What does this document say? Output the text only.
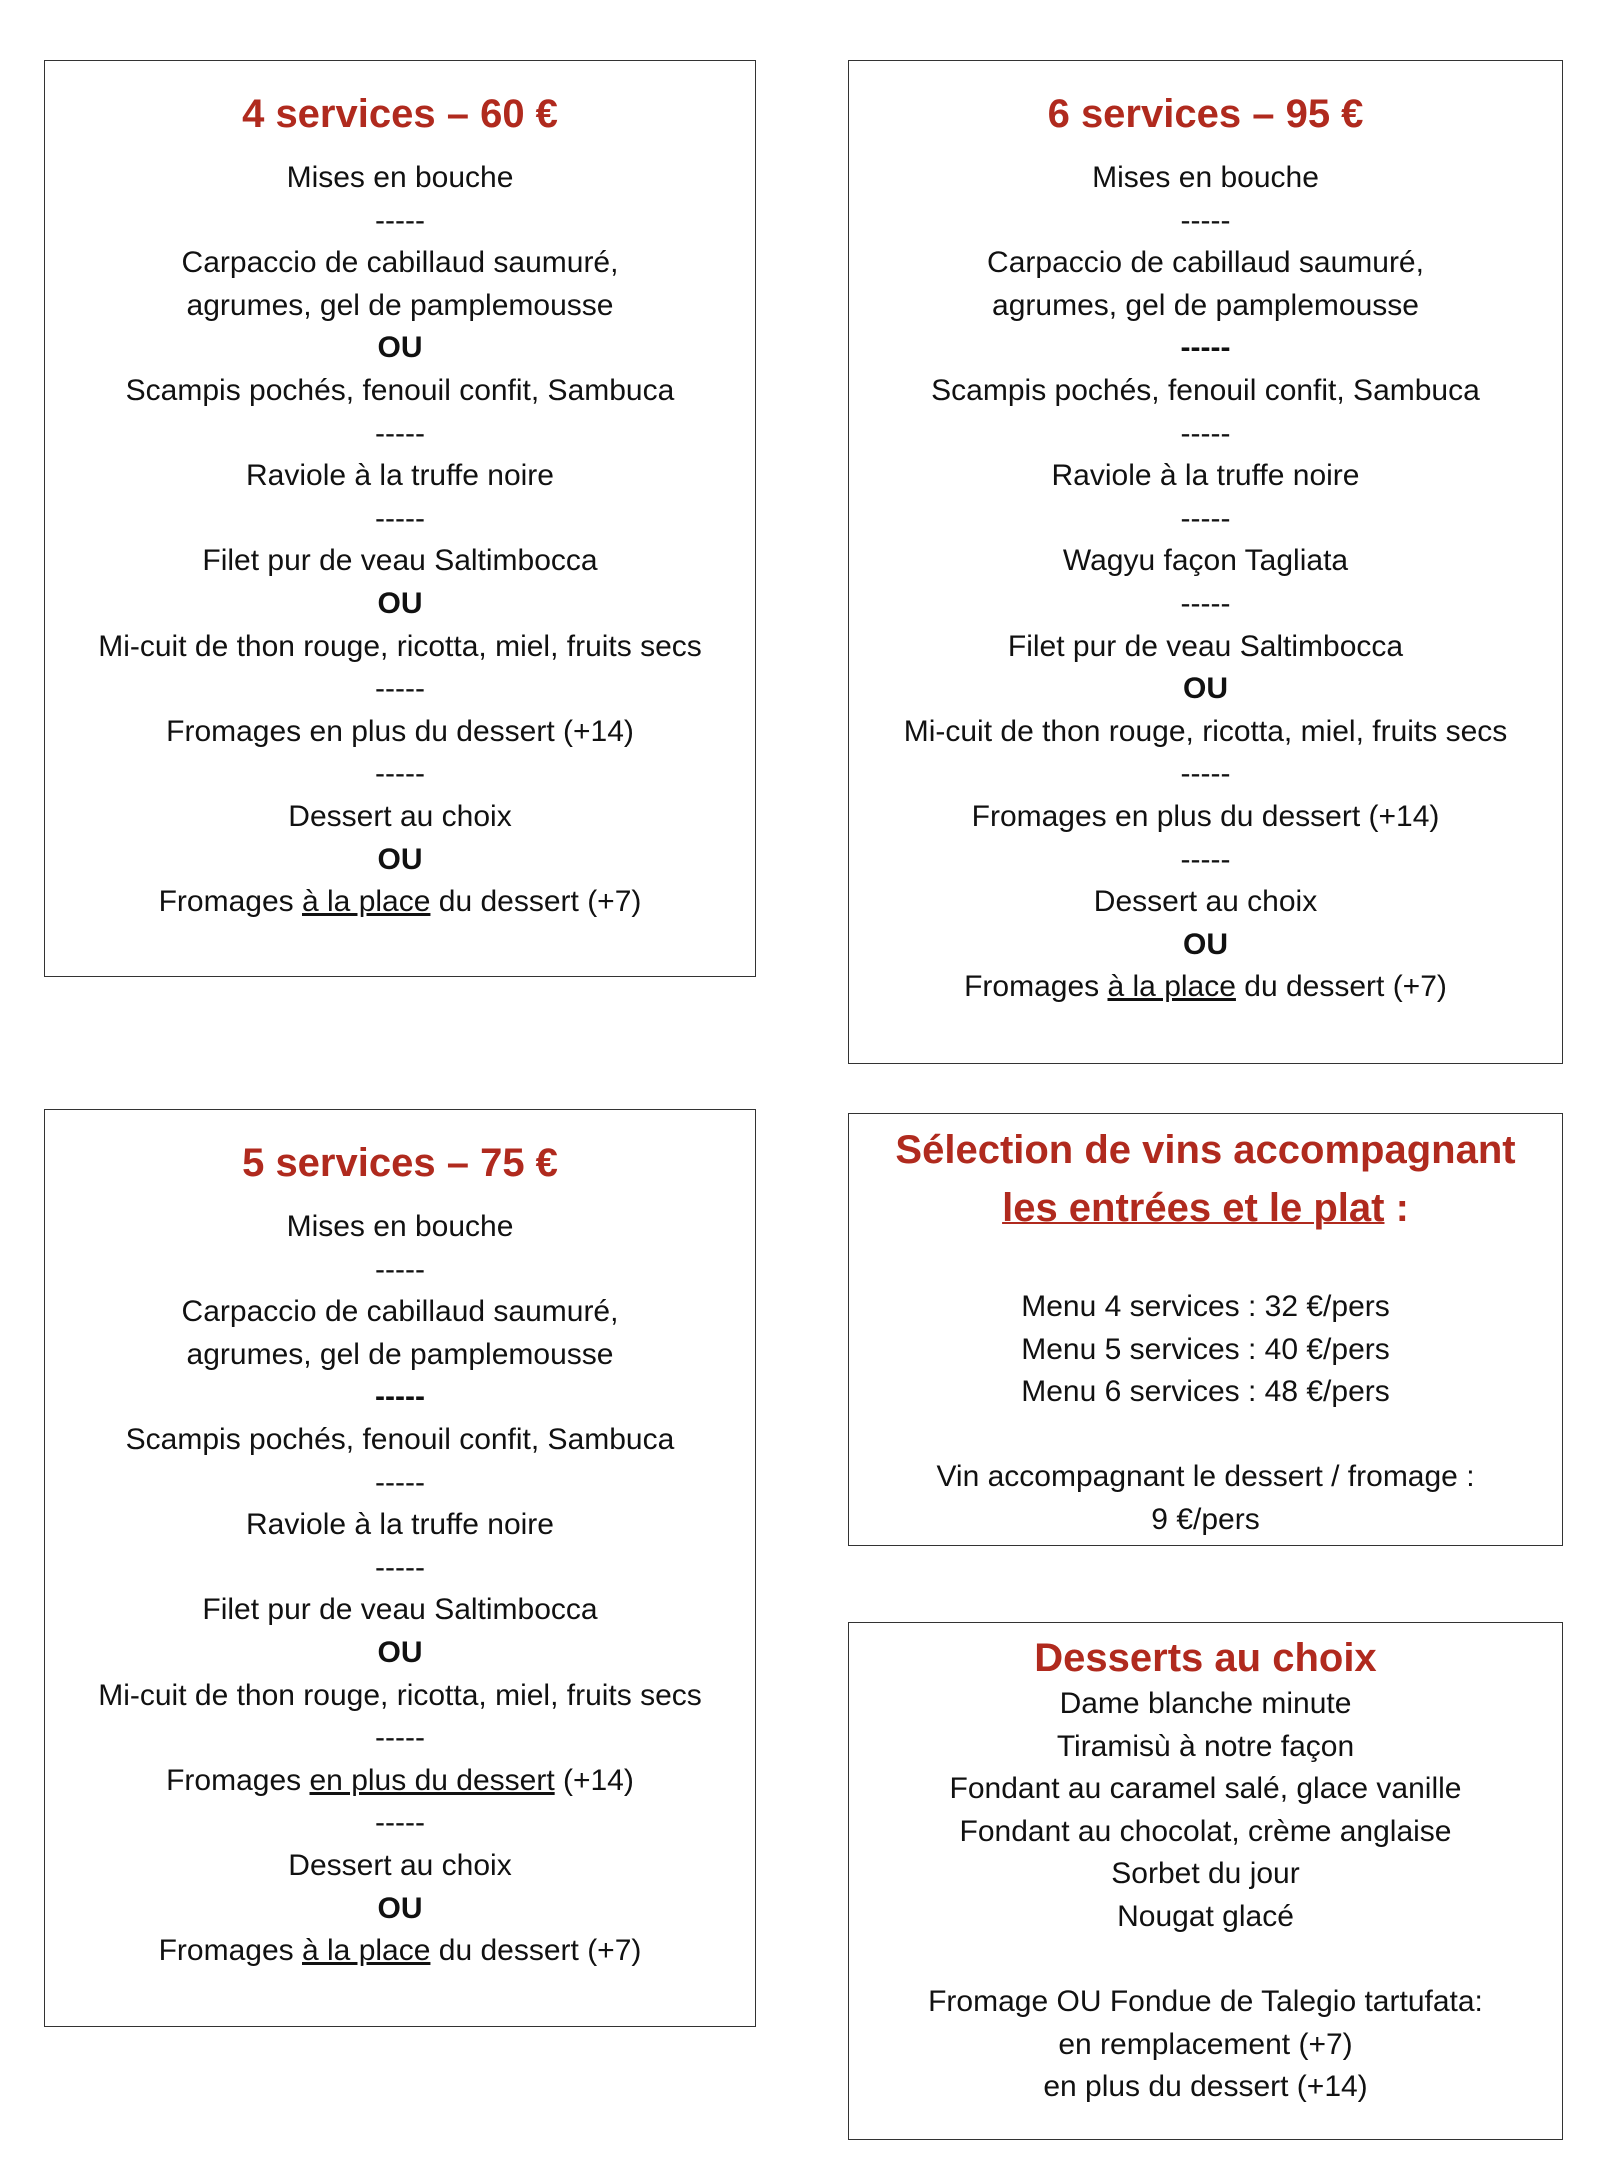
4 services – 60 €
Mises en bouche
-----
Carpaccio de cabillaud saumuré,
agrumes, gel de pamplemousse
OU
Scampis pochés, fenouil confit, Sambuca
-----
Raviole à la truffe noire
-----
Filet pur de veau Saltimbocca
OU
Mi-cuit de thon rouge, ricotta, miel, fruits secs
-----
Fromages en plus du dessert (+14)
-----
Dessert au choix
OU
Fromages à la place du dessert (+7)
6 services – 95 €
Mises en bouche
-----
Carpaccio de cabillaud saumuré,
agrumes, gel de pamplemousse
-----
Scampis pochés, fenouil confit, Sambuca
-----
Raviole à la truffe noire
-----
Wagyu façon Tagliata
-----
Filet pur de veau Saltimbocca
OU
Mi-cuit de thon rouge, ricotta, miel, fruits secs
-----
Fromages en plus du dessert (+14)
-----
Dessert au choix
OU
Fromages à la place du dessert (+7)
5 services – 75 €
Mises en bouche
-----
Carpaccio de cabillaud saumuré,
agrumes, gel de pamplemousse
-----
Scampis pochés, fenouil confit, Sambuca
-----
Raviole à la truffe noire
-----
Filet pur de veau Saltimbocca
OU
Mi-cuit de thon rouge, ricotta, miel, fruits secs
-----
Fromages en plus du dessert (+14)
-----
Dessert au choix
OU
Fromages à la place du dessert (+7)
Sélection de vins accompagnant
les entrées et le plat :
Menu 4 services : 32 €/pers
Menu 5 services : 40 €/pers
Menu 6 services : 48 €/pers
Vin accompagnant le dessert / fromage :
9 €/pers
Desserts au choix
Dame blanche minute
Tiramisù à notre façon
Fondant au caramel salé, glace vanille
Fondant au chocolat, crème anglaise
Sorbet du jour
Nougat glacé
Fromage OU Fondue de Talegio tartufata:
en remplacement (+7)
en plus du dessert (+14)
